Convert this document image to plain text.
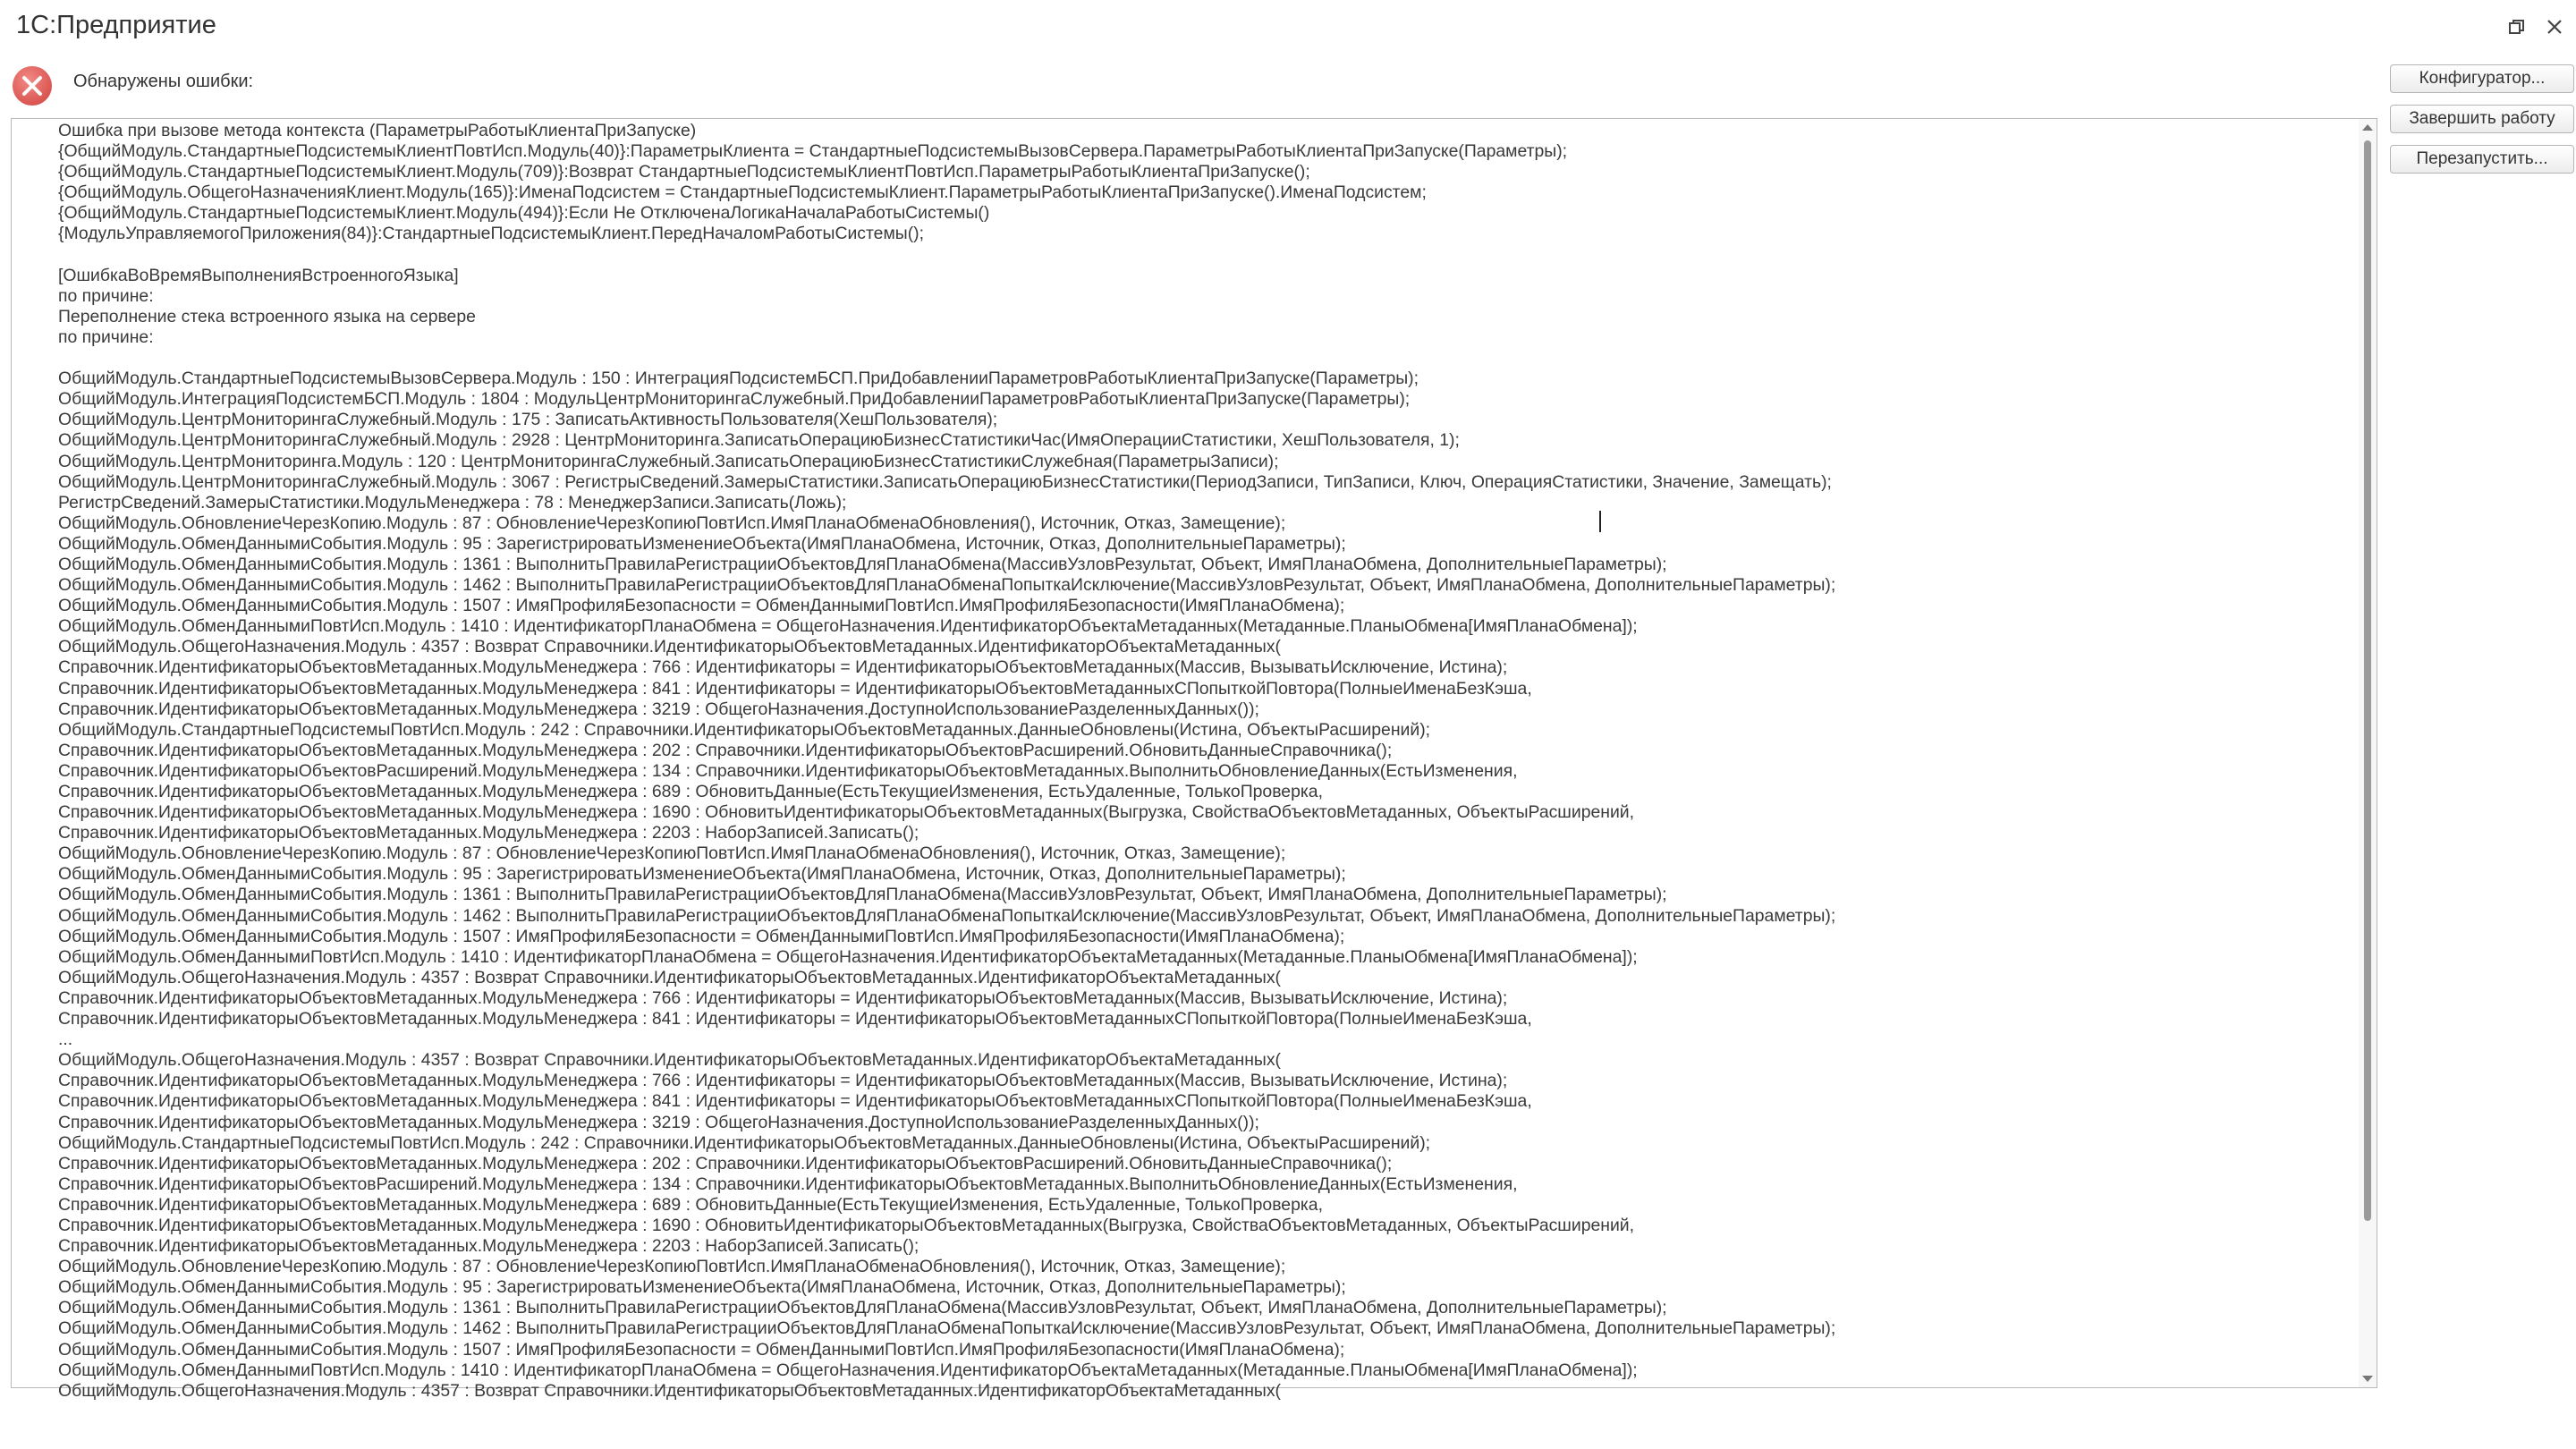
1С:Предприятие
Обнаружены ошибки:
Ошибка при вызове метода контекста (ПараметрыРаботыКлиентаПриЗапуске)
{ОбщийМодуль.СтандартныеПодсистемыКлиентПовтИсп.Модуль(40)}:ПараметрыКлиента = СтандартныеПодсистемыВызовСервера.ПараметрыРаботыКлиентаПриЗапуске(Параметры);
{ОбщийМодуль.СтандартныеПодсистемыКлиент.Модуль(709)}:Возврат СтандартныеПодсистемыКлиентПовтИсп.ПараметрыРаботыКлиентаПриЗапуске();
{ОбщийМодуль.ОбщегоНазначенияКлиент.Модуль(165)}:ИменаПодсистем = СтандартныеПодсистемыКлиент.ПараметрыРаботыКлиентаПриЗапуске().ИменаПодсистем;
{ОбщийМодуль.СтандартныеПодсистемыКлиент.Модуль(494)}:Если Не ОтключенаЛогикаНачалаРаботыСистемы()
{МодульУправляемогоПриложения(84)}:СтандартныеПодсистемыКлиент.ПередНачаломРаботыСистемы();

[ОшибкаВоВремяВыполненияВстроенногоЯзыка]
по причине:
Переполнение стека встроенного языка на сервере
по причине:

ОбщийМодуль.СтандартныеПодсистемыВызовСервера.Модуль : 150 : ИнтеграцияПодсистемБСП.ПриДобавленииПараметровРаботыКлиентаПриЗапуске(Параметры);
ОбщийМодуль.ИнтеграцияПодсистемБСП.Модуль : 1804 : МодульЦентрМониторингаСлужебный.ПриДобавленииПараметровРаботыКлиентаПриЗапуске(Параметры);
ОбщийМодуль.ЦентрМониторингаСлужебный.Модуль : 175 : ЗаписатьАктивностьПользователя(ХешПользователя);
ОбщийМодуль.ЦентрМониторингаСлужебный.Модуль : 2928 : ЦентрМониторинга.ЗаписатьОперациюБизнесСтатистикиЧас(ИмяОперацииСтатистики, ХешПользователя, 1);
ОбщийМодуль.ЦентрМониторинга.Модуль : 120 : ЦентрМониторингаСлужебный.ЗаписатьОперациюБизнесСтатистикиСлужебная(ПараметрыЗаписи);
ОбщийМодуль.ЦентрМониторингаСлужебный.Модуль : 3067 : РегистрыСведений.ЗамерыСтатистики.ЗаписатьОперациюБизнесСтатистики(ПериодЗаписи, ТипЗаписи, Ключ, ОперацияСтатистики, Значение, Замещать);
РегистрСведений.ЗамерыСтатистики.МодульМенеджера : 78 : МенеджерЗаписи.Записать(Ложь);
ОбщийМодуль.ОбновлениеЧерезКопию.Модуль : 87 : ОбновлениеЧерезКопиюПовтИсп.ИмяПланаОбменаОбновления(), Источник, Отказ, Замещение);
ОбщийМодуль.ОбменДаннымиСобытия.Модуль : 95 : ЗарегистрироватьИзменениеОбъекта(ИмяПланаОбмена, Источник, Отказ, ДополнительныеПараметры);
ОбщийМодуль.ОбменДаннымиСобытия.Модуль : 1361 : ВыполнитьПравилаРегистрацииОбъектовДляПланаОбмена(МассивУзловРезультат, Объект, ИмяПланаОбмена, ДополнительныеПараметры);
ОбщийМодуль.ОбменДаннымиСобытия.Модуль : 1462 : ВыполнитьПравилаРегистрацииОбъектовДляПланаОбменаПопыткаИсключение(МассивУзловРезультат, Объект, ИмяПланаОбмена, ДополнительныеПараметры);
ОбщийМодуль.ОбменДаннымиСобытия.Модуль : 1507 : ИмяПрофиляБезопасности = ОбменДаннымиПовтИсп.ИмяПрофиляБезопасности(ИмяПланаОбмена);
ОбщийМодуль.ОбменДаннымиПовтИсп.Модуль : 1410 : ИдентификаторПланаОбмена = ОбщегоНазначения.ИдентификаторОбъектаМетаданных(Метаданные.ПланыОбмена[ИмяПланаОбмена]);
ОбщийМодуль.ОбщегоНазначения.Модуль : 4357 : Возврат Справочники.ИдентификаторыОбъектовМетаданных.ИдентификаторОбъектаМетаданных(
Справочник.ИдентификаторыОбъектовМетаданных.МодульМенеджера : 766 : Идентификаторы = ИдентификаторыОбъектовМетаданных(Массив, ВызыватьИсключение, Истина);
Справочник.ИдентификаторыОбъектовМетаданных.МодульМенеджера : 841 : Идентификаторы = ИдентификаторыОбъектовМетаданныхСПопыткойПовтора(ПолныеИменаБезКэша,
Справочник.ИдентификаторыОбъектовМетаданных.МодульМенеджера : 3219 : ОбщегоНазначения.ДоступноИспользованиеРазделенныхДанных());
ОбщийМодуль.СтандартныеПодсистемыПовтИсп.Модуль : 242 : Справочники.ИдентификаторыОбъектовМетаданных.ДанныеОбновлены(Истина, ОбъектыРасширений);
Справочник.ИдентификаторыОбъектовМетаданных.МодульМенеджера : 202 : Справочники.ИдентификаторыОбъектовРасширений.ОбновитьДанныеСправочника();
Справочник.ИдентификаторыОбъектовРасширений.МодульМенеджера : 134 : Справочники.ИдентификаторыОбъектовМетаданных.ВыполнитьОбновлениеДанных(ЕстьИзменения,
Справочник.ИдентификаторыОбъектовМетаданных.МодульМенеджера : 689 : ОбновитьДанные(ЕстьТекущиеИзменения, ЕстьУдаленные, ТолькоПроверка,
Справочник.ИдентификаторыОбъектовМетаданных.МодульМенеджера : 1690 : ОбновитьИдентификаторыОбъектовМетаданных(Выгрузка, СвойстваОбъектовМетаданных, ОбъектыРасширений,
Справочник.ИдентификаторыОбъектовМетаданных.МодульМенеджера : 2203 : НаборЗаписей.Записать();
ОбщийМодуль.ОбновлениеЧерезКопию.Модуль : 87 : ОбновлениеЧерезКопиюПовтИсп.ИмяПланаОбменаОбновления(), Источник, Отказ, Замещение);
ОбщийМодуль.ОбменДаннымиСобытия.Модуль : 95 : ЗарегистрироватьИзменениеОбъекта(ИмяПланаОбмена, Источник, Отказ, ДополнительныеПараметры);
ОбщийМодуль.ОбменДаннымиСобытия.Модуль : 1361 : ВыполнитьПравилаРегистрацииОбъектовДляПланаОбмена(МассивУзловРезультат, Объект, ИмяПланаОбмена, ДополнительныеПараметры);
ОбщийМодуль.ОбменДаннымиСобытия.Модуль : 1462 : ВыполнитьПравилаРегистрацииОбъектовДляПланаОбменаПопыткаИсключение(МассивУзловРезультат, Объект, ИмяПланаОбмена, ДополнительныеПараметры);
ОбщийМодуль.ОбменДаннымиСобытия.Модуль : 1507 : ИмяПрофиляБезопасности = ОбменДаннымиПовтИсп.ИмяПрофиляБезопасности(ИмяПланаОбмена);
ОбщийМодуль.ОбменДаннымиПовтИсп.Модуль : 1410 : ИдентификаторПланаОбмена = ОбщегоНазначения.ИдентификаторОбъектаМетаданных(Метаданные.ПланыОбмена[ИмяПланаОбмена]);
ОбщийМодуль.ОбщегоНазначения.Модуль : 4357 : Возврат Справочники.ИдентификаторыОбъектовМетаданных.ИдентификаторОбъектаМетаданных(
Справочник.ИдентификаторыОбъектовМетаданных.МодульМенеджера : 766 : Идентификаторы = ИдентификаторыОбъектовМетаданных(Массив, ВызыватьИсключение, Истина);
Справочник.ИдентификаторыОбъектовМетаданных.МодульМенеджера : 841 : Идентификаторы = ИдентификаторыОбъектовМетаданныхСПопыткойПовтора(ПолныеИменаБезКэша,
...
ОбщийМодуль.ОбщегоНазначения.Модуль : 4357 : Возврат Справочники.ИдентификаторыОбъектовМетаданных.ИдентификаторОбъектаМетаданных(
Справочник.ИдентификаторыОбъектовМетаданных.МодульМенеджера : 766 : Идентификаторы = ИдентификаторыОбъектовМетаданных(Массив, ВызыватьИсключение, Истина);
Справочник.ИдентификаторыОбъектовМетаданных.МодульМенеджера : 841 : Идентификаторы = ИдентификаторыОбъектовМетаданныхСПопыткойПовтора(ПолныеИменаБезКэша,
Справочник.ИдентификаторыОбъектовМетаданных.МодульМенеджера : 3219 : ОбщегоНазначения.ДоступноИспользованиеРазделенныхДанных());
ОбщийМодуль.СтандартныеПодсистемыПовтИсп.Модуль : 242 : Справочники.ИдентификаторыОбъектовМетаданных.ДанныеОбновлены(Истина, ОбъектыРасширений);
Справочник.ИдентификаторыОбъектовМетаданных.МодульМенеджера : 202 : Справочники.ИдентификаторыОбъектовРасширений.ОбновитьДанныеСправочника();
Справочник.ИдентификаторыОбъектовРасширений.МодульМенеджера : 134 : Справочники.ИдентификаторыОбъектовМетаданных.ВыполнитьОбновлениеДанных(ЕстьИзменения,
Справочник.ИдентификаторыОбъектовМетаданных.МодульМенеджера : 689 : ОбновитьДанные(ЕстьТекущиеИзменения, ЕстьУдаленные, ТолькоПроверка,
Справочник.ИдентификаторыОбъектовМетаданных.МодульМенеджера : 1690 : ОбновитьИдентификаторыОбъектовМетаданных(Выгрузка, СвойстваОбъектовМетаданных, ОбъектыРасширений,
Справочник.ИдентификаторыОбъектовМетаданных.МодульМенеджера : 2203 : НаборЗаписей.Записать();
ОбщийМодуль.ОбновлениеЧерезКопию.Модуль : 87 : ОбновлениеЧерезКопиюПовтИсп.ИмяПланаОбменаОбновления(), Источник, Отказ, Замещение);
ОбщийМодуль.ОбменДаннымиСобытия.Модуль : 95 : ЗарегистрироватьИзменениеОбъекта(ИмяПланаОбмена, Источник, Отказ, ДополнительныеПараметры);
ОбщийМодуль.ОбменДаннымиСобытия.Модуль : 1361 : ВыполнитьПравилаРегистрацииОбъектовДляПланаОбмена(МассивУзловРезультат, Объект, ИмяПланаОбмена, ДополнительныеПараметры);
ОбщийМодуль.ОбменДаннымиСобытия.Модуль : 1462 : ВыполнитьПравилаРегистрацииОбъектовДляПланаОбменаПопыткаИсключение(МассивУзловРезультат, Объект, ИмяПланаОбмена, ДополнительныеПараметры);
ОбщийМодуль.ОбменДаннымиСобытия.Модуль : 1507 : ИмяПрофиляБезопасности = ОбменДаннымиПовтИсп.ИмяПрофиляБезопасности(ИмяПланаОбмена);
ОбщийМодуль.ОбменДаннымиПовтИсп.Модуль : 1410 : ИдентификаторПланаОбмена = ОбщегоНазначения.ИдентификаторОбъектаМетаданных(Метаданные.ПланыОбмена[ИмяПланаОбмена]);
ОбщийМодуль.ОбщегоНазначения.Модуль : 4357 : Возврат Справочники.ИдентификаторыОбъектовМетаданных.ИдентификаторОбъектаМетаданных(

Конфигуратор...
Завершить работу
Перезапустить...
